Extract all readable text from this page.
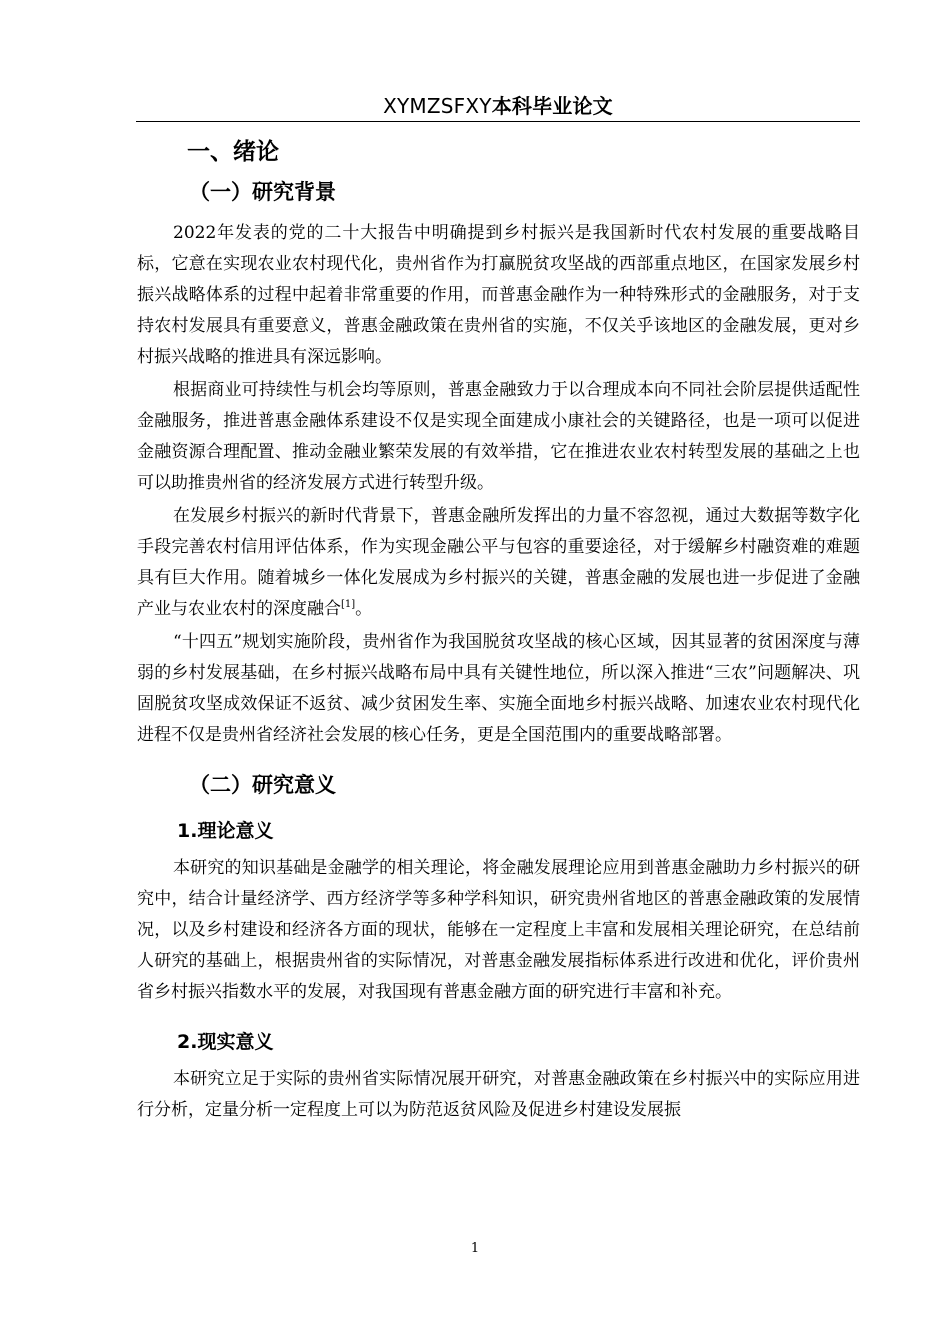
XYMZSFXY本科毕业论文
一、绪论
（一）研究背景

2022年发表的党的二十大报告中明确提到乡村振兴是我国新时代农村发展的重要战略目标，它意在实现农业农村现代化，贵州省作为打赢脱贫攻坚战的西部重点地区，在国家发展乡村振兴战略体系的过程中起着非常重要的作用，而普惠金融作为一种特殊形式的金融服务，对于支持农村发展具有重要意义，普惠金融政策在贵州省的实施，不仅关乎该地区的金融发展，更对乡村振兴战略的推进具有深远影响。

根据商业可持续性与机会均等原则，普惠金融致力于以合理成本向不同社会阶层提供适配性金融服务，推进普惠金融体系建设不仅是实现全面建成小康社会的关键路径，也是一项可以促进金融资源合理配置、推动金融业繁荣发展的有效举措，它在推进农业农村转型发展的基础之上也可以助推贵州省的经济发展方式进行转型升级。

在发展乡村振兴的新时代背景下，普惠金融所发挥出的力量不容忽视，通过大数据等数字化手段完善农村信用评估体系，作为实现金融公平与包容的重要途径，对于缓解乡村融资难的难题具有巨大作用。随着城乡一体化发展成为乡村振兴的关键，普惠金融的发展也进一步促进了金融产业与农业农村的深度融合[1]。

“十四五”规划实施阶段，贵州省作为我国脱贫攻坚战的核心区域，因其显著的贫困深度与薄弱的乡村发展基础，在乡村振兴战略布局中具有关键性地位，所以深入推进“三农”问题解决、巩固脱贫攻坚成效保证不返贫、减少贫困发生率、实施全面地乡村振兴战略、加速农业农村现代化进程不仅是贵州省经济社会发展的核心任务，更是全国范围内的重要战略部署。

（二）研究意义
1.理论意义

本研究的知识基础是金融学的相关理论，将金融发展理论应用到普惠金融助力乡村振兴的研究中，结合计量经济学、西方经济学等多种学科知识，研究贵州省地区的普惠金融政策的发展情况，以及乡村建设和经济各方面的现状，能够在一定程度上丰富和发展相关理论研究，在总结前人研究的基础上，根据贵州省的实际情况，对普惠金融发展指标体系进行改进和优化，评价贵州省乡村振兴指数水平的发展，对我国现有普惠金融方面的研究进行丰富和补充。

2.现实意义

本研究立足于实际的贵州省实际情况展开研究，对普惠金融政策在乡村振兴中的实际应用进行分析，定量分析一定程度上可以为防范返贫风险及促进乡村建设发展振

1
